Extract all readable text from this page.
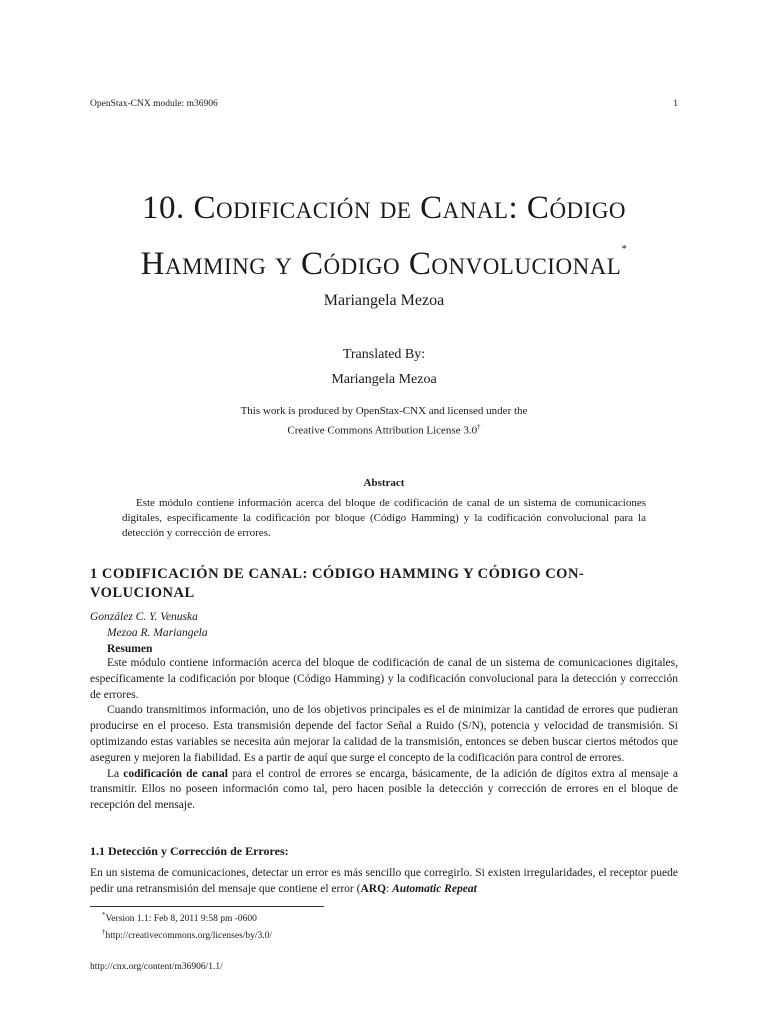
OpenStax-CNX module: m36906	1
10. Codificación de Canal: Código
Hamming y Código Convolucional*
Mariangela Mezoa
Translated By:
Mariangela Mezoa
This work is produced by OpenStax-CNX and licensed under the
Creative Commons Attribution License 3.0†
Abstract

Este módulo contiene información acerca del bloque de codificación de canal de un sistema de comunicaciones digitales, específicamente la codificación por bloque (Código Hamming) y la codificación convolucional para la detección y corrección de errores.

1 CODIFICACIÓN DE CANAL: CÓDIGO HAMMING Y CÓDIGO CON-
VOLUCIONAL
González C. Y. Venuska
Mezoa R. Mariangela
Resumen

Este módulo contiene información acerca del bloque de codificación de canal de un sistema de comunicaciones digitales, específicamente la codificación por bloque (Código Hamming) y la codificación convolucional para la detección y corrección de errores.

Cuando transmitimos información, uno de los objetivos principales es el de minimizar la cantidad de errores que pudieran producirse en el proceso. Esta transmisión depende del factor Señal a Ruido (S/N), potencia y velocidad de transmisión. Si optimizando estas variables se necesita aún mejorar la calidad de la transmisión, entonces se deben buscar ciertos métodos que aseguren y mejoren la fiabilidad. Es a partir de aquí que surge el concepto de la codificación para control de errores.

La codificación de canal para el control de errores se encarga, básicamente, de la adición de dígitos extra al mensaje a transmitir. Ellos no poseen información como tal, pero hacen posible la detección y corrección de errores en el bloque de recepción del mensaje.

1.1 Detección y Corrección de Errores:

En un sistema de comunicaciones, detectar un error es más sencillo que corregirlo. Si existen irregularidades, el receptor puede pedir una retransmisión del mensaje que contiene el error (ARQ: Automatic Repeat

*Version 1.1: Feb 8, 2011 9:58 pm -0600
†http://creativecommons.org/licenses/by/3.0/
http://cnx.org/content/m36906/1.1/
